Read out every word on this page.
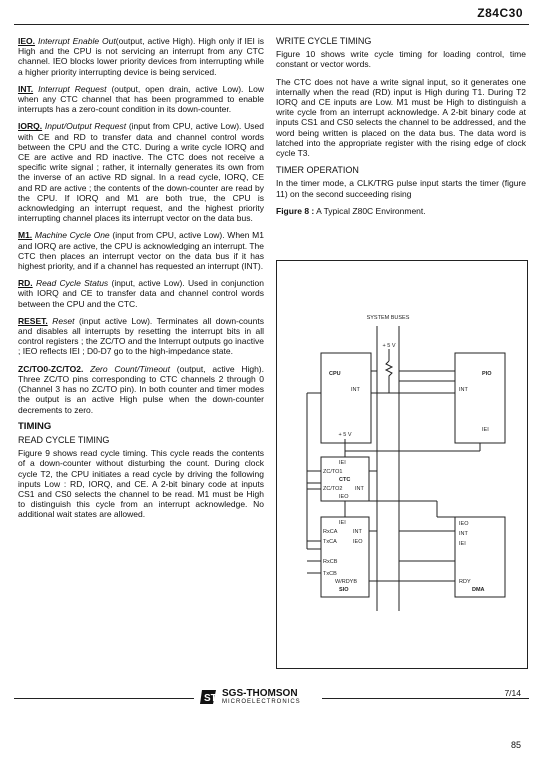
Z84C30

IEO. Interrupt Enable Out(output, active High). High only if IEI is High and the CPU is not servicing an interrupt from any CTC channel. IEO blocks lower priority devices from interrupting while a higher priority interrupting device is being serviced.

INT. Interrupt Request (output, open drain, active Low). Low when any CTC channel that has been programmed to enable interrupts has a zero-count condition in its down-counter.

IORQ. Input/Output Request (input from CPU, active Low). Used with CE and RD to transfer data and channel control words between the CPU and the CTC. During a write cycle IORQ and CE are active and RD inactive. The CTC does not receive a specific write signal ; rather, it internally generates its own from the inverse of an active RD signal. In a read cycle, IORQ, CE and RD are active ; the contents of the down-counter are read by the CPU. If IORQ and M1 are both true, the CPU is acknowledging an interrupt request, and the highest priority interrupting channel places its interrupt vector on the data bus.

M1. Machine Cycle One (input from CPU, active Low). When M1 and IORQ are active, the CPU is acknowledging an interrupt. The CTC then places an interrupt vector on the data bus if it has highest priority, and if a channel has requested an interrupt (INT).

RD. Read Cycle Status (input, active Low). Used in conjunction with IORQ and CE to transfer data and channel control words between the CPU and the CTC.

RESET. Reset (input active Low). Terminates all down-counts and disables all interrupts by resetting the interrupt bits in all control registers ; the ZC/TO and the Interrupt outputs go inactive ; IEO reflects IEI ; D0-D7 go to the high-impedance state.

ZC/TO0-ZC/TO2. Zero Count/Timeout (output, active High). Three ZC/TO pins corresponding to CTC channels 2 through 0 (Channel 3 has no ZC/TO pin). In both counter and timer modes the output is an active High pulse when the down-counter decrements to zero.

TIMING
READ CYCLE TIMING

Figure 9 shows read cycle timing. This cycle reads the contents of a down-counter without disturbing the count. During clock cycle T2, the CPU initiates a read cycle by driving the following inputs Low : RD, IORQ, and CE. A 2-bit binary code at inputs CS1 and CS0 selects the channel to be read. M1 must be High to distinguish this cycle from an interrupt acknowledge. No additional wait states are allowed.

WRITE CYCLE TIMING

Figure 10 shows write cycle timing for loading control, time constant or vector words.

The CTC does not have a write signal input, so it generates one internally when the read (RD) input is High during T1. During T2 IORQ and CE inputs are Low. M1 must be High to distinguish a write cycle from an interrupt acknowledge. A 2-bit binary code at inputs CS1 and CS0 selects the channel to be addressed, and the word being written is placed on the data bus. The data word is latched into the appropriate register with the rising edge of clock cycle T3.

TIMER OPERATION

In the timer mode, a CLK/TRG pulse input starts the timer (figure 11) on the second succeeding rising

Figure 8 : A Typical Z80C Environment.
SYSTEM BUSES
CPU	PIO
+ 5 V
+ 5 V
INT	INT
IEI
IEI
ZC/TO1
CTC
ZC/TO2 INT
IEO
IEI
RxCA	INT
TxCA	IEO
RxCB
TxCB
W/RDYB
SIO
IEO
INT
IEI
RDY
DMA
ST SGS-THOMSON
MICROELECTRONICS
7/14
85
